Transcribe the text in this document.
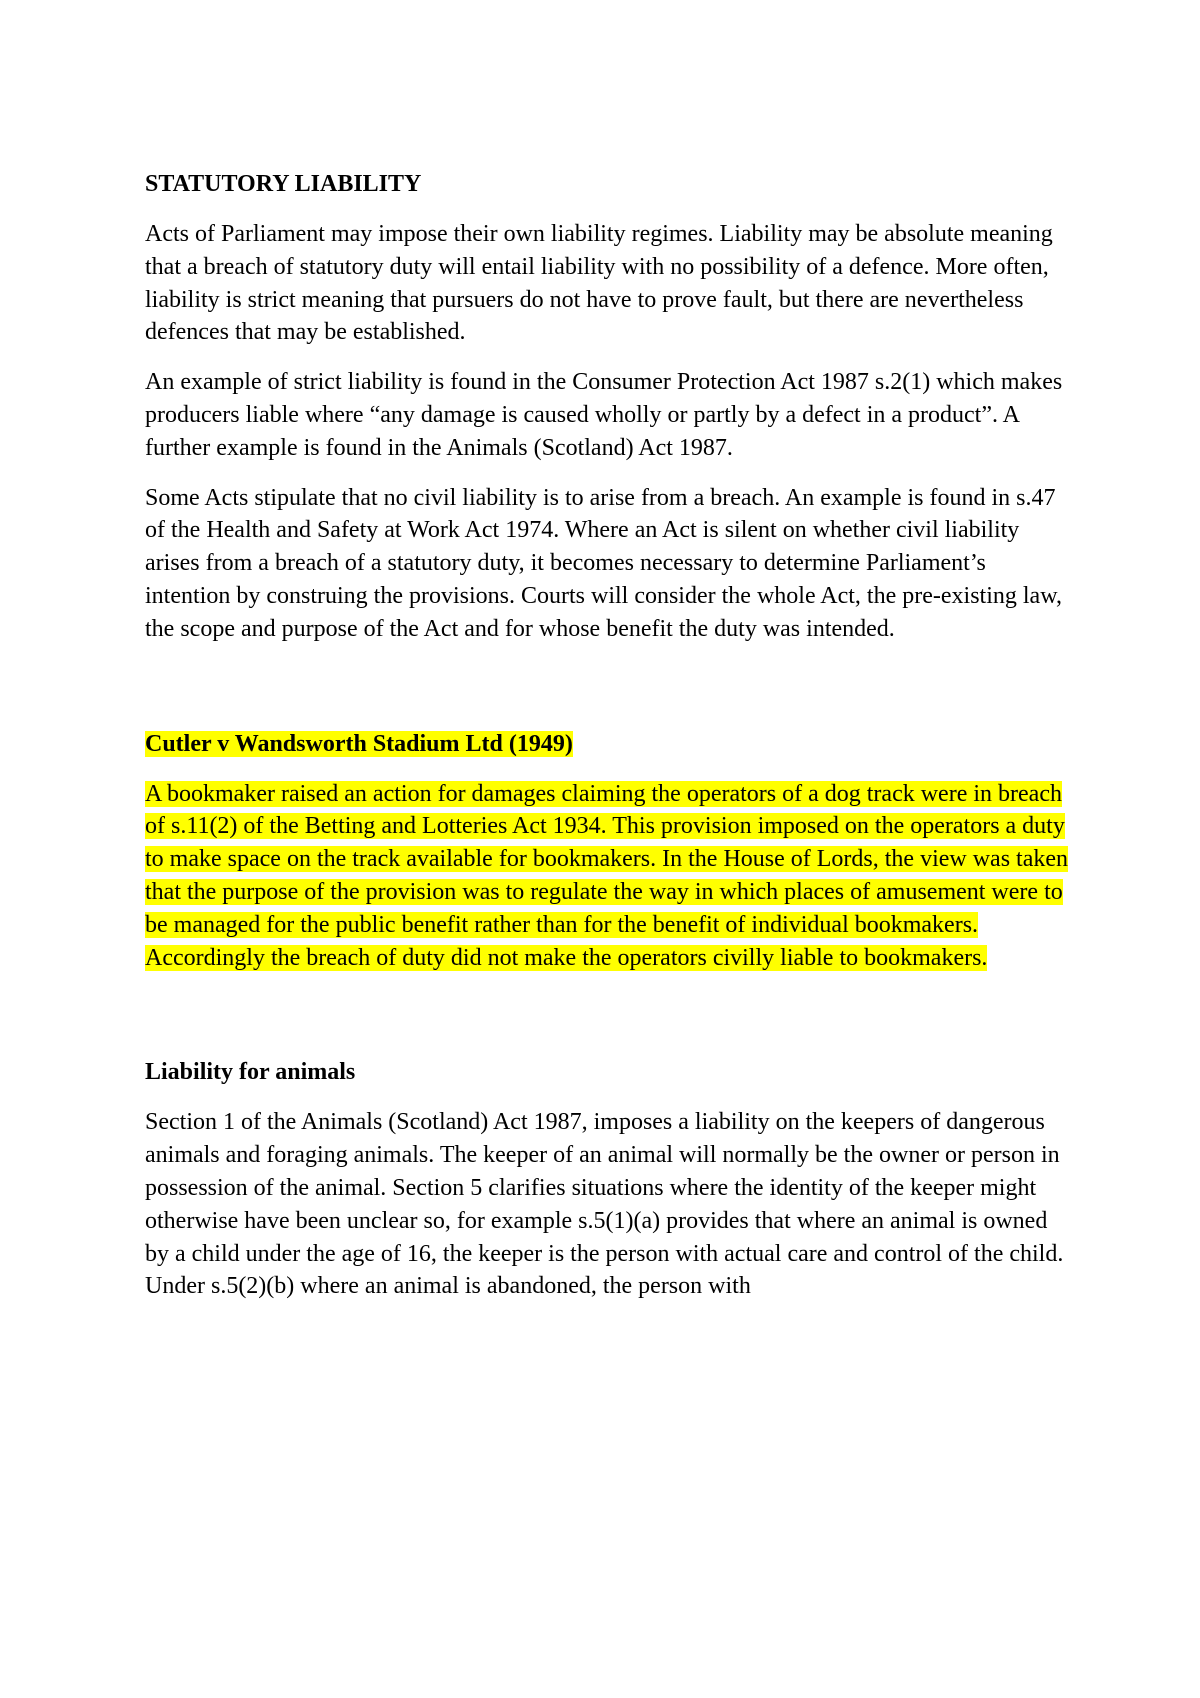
STATUTORY LIABILITY

Acts of Parliament may impose their own liability regimes. Liability may be absolute meaning that a breach of statutory duty will entail liability with no possibility of a defence. More often, liability is strict meaning that pursuers do not have to prove fault, but there are nevertheless defences that may be established.

An example of strict liability is found in the Consumer Protection Act 1987 s.2(1) which makes producers liable where “any damage is caused wholly or partly by a defect in a product”. A further example is found in the Animals (Scotland) Act 1987.

Some Acts stipulate that no civil liability is to arise from a breach. An example is found in s.47 of the Health and Safety at Work Act 1974. Where an Act is silent on whether civil liability arises from a breach of a statutory duty, it becomes necessary to determine Parliament’s intention by construing the provisions. Courts will consider the whole Act, the pre-existing law, the scope and purpose of the Act and for whose benefit the duty was intended.

Cutler v Wandsworth Stadium Ltd (1949)

A bookmaker raised an action for damages claiming the operators of a dog track were in breach of s.11(2) of the Betting and Lotteries Act 1934. This provision imposed on the operators a duty to make space on the track available for bookmakers. In the House of Lords, the view was taken that the purpose of the provision was to regulate the way in which places of amusement were to be managed for the public benefit rather than for the benefit of individual bookmakers. Accordingly the breach of duty did not make the operators civilly liable to bookmakers.

Liability for animals

Section 1 of the Animals (Scotland) Act 1987, imposes a liability on the keepers of dangerous animals and foraging animals. The keeper of an animal will normally be the owner or person in possession of the animal. Section 5 clarifies situations where the identity of the keeper might otherwise have been unclear so, for example s.5(1)(a) provides that where an animal is owned by a child under the age of 16, the keeper is the person with actual care and control of the child. Under s.5(2)(b) where an animal is abandoned, the person with
